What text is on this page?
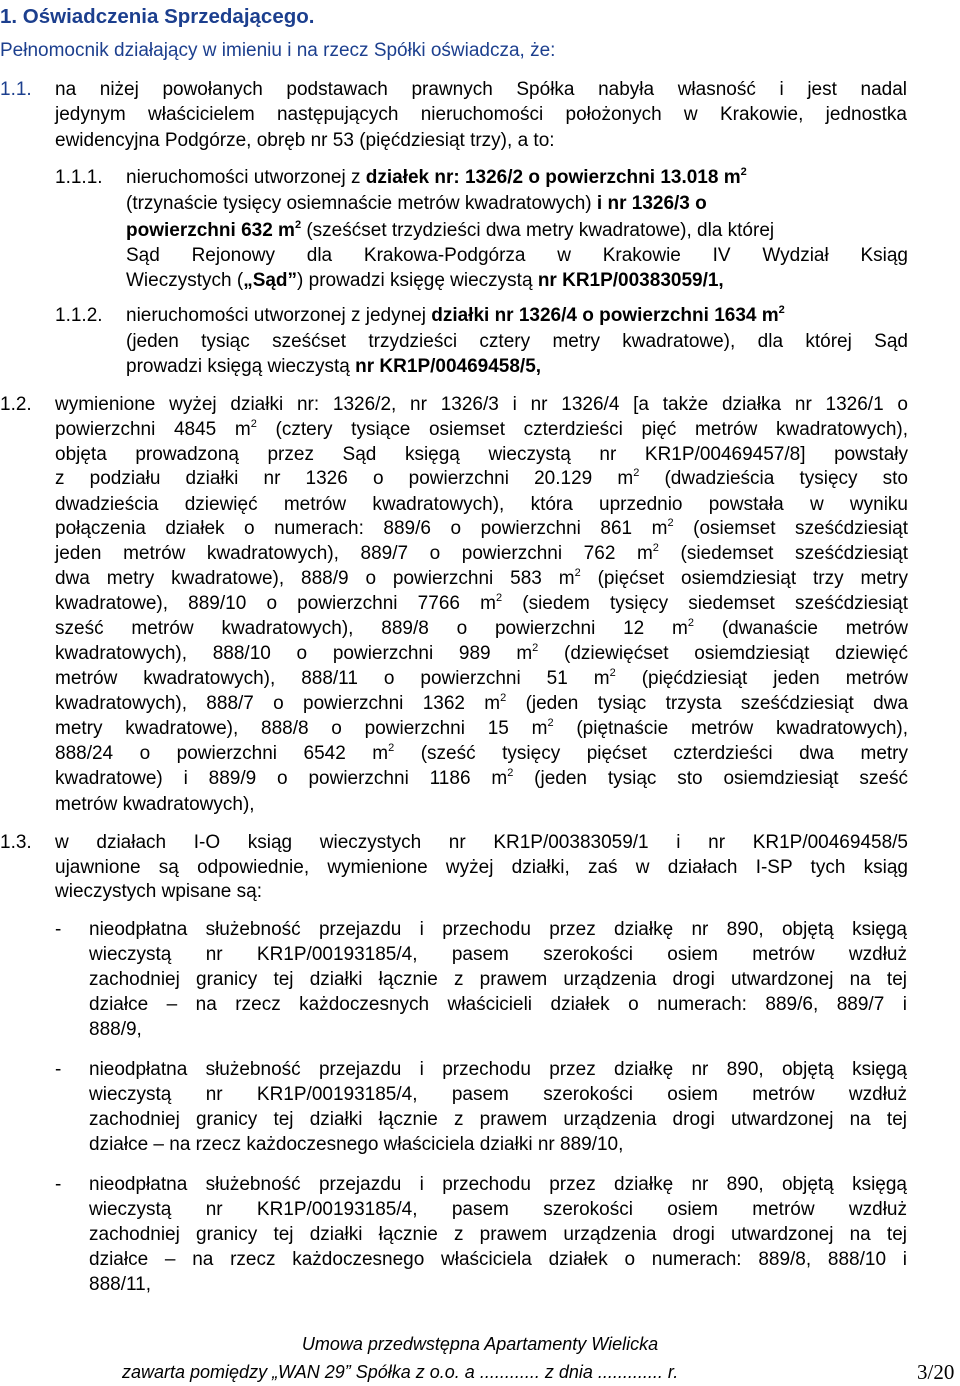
1. Oświadczenia Sprzedającego.
Pełnomocnik działający w imieniu i na rzecz Spółki oświadcza, że:
1.1. na niżej powołanych podstawach prawnych Spółka nabyła własność i jest nadal
jedynym właścicielem następujących nieruchomości położonych w Krakowie, jednostka
ewidencyjna Podgórze, obręb nr 53 (pięćdziesiąt trzy), a to:
1.1.1. nieruchomości utworzonej z działek nr: 1326/2 o powierzchni 13.018 $m^2$
(trzynaście tysięcy osiemnaście metrów kwadratowych) i nr 1326/3 o
powierzchni 632 $m^2$ (sześćset trzydzieści dwa metry kwadratowe), dla której
Sąd Rejonowy dla Krakowa-Podgórza w Krakowie IV Wydział Ksiąg
Wieczystych („Sąd”) prowadzi księgę wieczystą nr KR1P/00383059/1,
1.1.2. nieruchomości utworzonej z jedynej działki nr 1326/4 o powierzchni 1634 $m^2$
(jeden tysiąc sześćset trzydzieści cztery metry kwadratowe), dla której Sąd
prowadzi księgą wieczystą nr KR1P/00469458/5,
1.2. wymienione wyżej działki nr: 1326/2, nr 1326/3 i nr 1326/4 [a także działka nr 1326/1 o
powierzchni 4845 $m^2$ (cztery tysiące osiemset czterdzieści pięć metrów kwadratowych),
objęta prowadzoną przez Sąd księgą wieczystą nr KR1P/00469457/8] powstały
z podziału działki nr 1326 o powierzchni 20.129 $m^2$ (dwadzieścia tysięcy sto
dwadzieścia dziewięć metrów kwadratowych), która uprzednio powstała w wyniku
połączenia działek o numerach: 889/6 o powierzchni 861 $m^2$ (osiemset sześćdziesiąt
jeden metrów kwadratowych), 889/7 o powierzchni 762 $m^2$ (siedemset sześćdziesiąt
dwa metry kwadratowe), 888/9 o powierzchni 583 $m^2$ (pięćset osiemdziesiąt trzy metry
kwadratowe), 889/10 o powierzchni 7766 $m^2$ (siedem tysięcy siedemset sześćdziesiąt
sześć metrów kwadratowych), 889/8 o powierzchni 12 $m^2$ (dwanaście metrów
kwadratowych), 888/10 o powierzchni 989 $m^2$ (dziewięćset osiemdziesiąt dziewięć
metrów kwadratowych), 888/11 o powierzchni 51 $m^2$ (pięćdziesiąt jeden metrów
kwadratowych), 888/7 o powierzchni 1362 $m^2$ (jeden tysiąc trzysta sześćdziesiąt dwa
metry kwadratowe), 888/8 o powierzchni 15 $m^2$ (piętnaście metrów kwadratowych),
888/24 o powierzchni 6542 $m^2$ (sześć tysięcy pięćset czterdzieści dwa metry
kwadratowe) i 889/9 o powierzchni 1186 $m^2$ (jeden tysiąc sto osiemdziesiąt sześć
metrów kwadratowych),
1.3. w działach I-O ksiąg wieczystych nr KR1P/00383059/1 i nr KR1P/00469458/5
ujawnione są odpowiednie, wymienione wyżej działki, zaś w działach I-SP tych ksiąg
wieczystych wpisane są:
- nieodpłatna służebność przejazdu i przechodu przez działkę nr 890, objętą księgą
wieczystą nr KR1P/00193185/4, pasem szerokości osiem metrów wzdłuż
zachodniej granicy tej działki łącznie z prawem urządzenia drogi utwardzonej na tej
działce – na rzecz każdoczesnych właścicieli działek o numerach: 889/6, 889/7 i
888/9,
- nieodpłatna służebność przejazdu i przechodu przez działkę nr 890, objętą księgą
wieczystą nr KR1P/00193185/4, pasem szerokości osiem metrów wzdłuż
zachodniej granicy tej działki łącznie z prawem urządzenia drogi utwardzonej na tej
działce – na rzecz każdoczesnego właściciela działki nr 889/10,
- nieodpłatna służebność przejazdu i przechodu przez działkę nr 890, objętą księgą
wieczystą nr KR1P/00193185/4, pasem szerokości osiem metrów wzdłuż
zachodniej granicy tej działki łącznie z prawem urządzenia drogi utwardzonej na tej
działce – na rzecz każdoczesnego właściciela działek o numerach: 889/8, 888/10 i
888/11,
Umowa przedwstępna Apartamenty Wielicka
zawarta pomiędzy „WAN 29” Spółka z o.o. a ............ z dnia ............. r.	3/20
